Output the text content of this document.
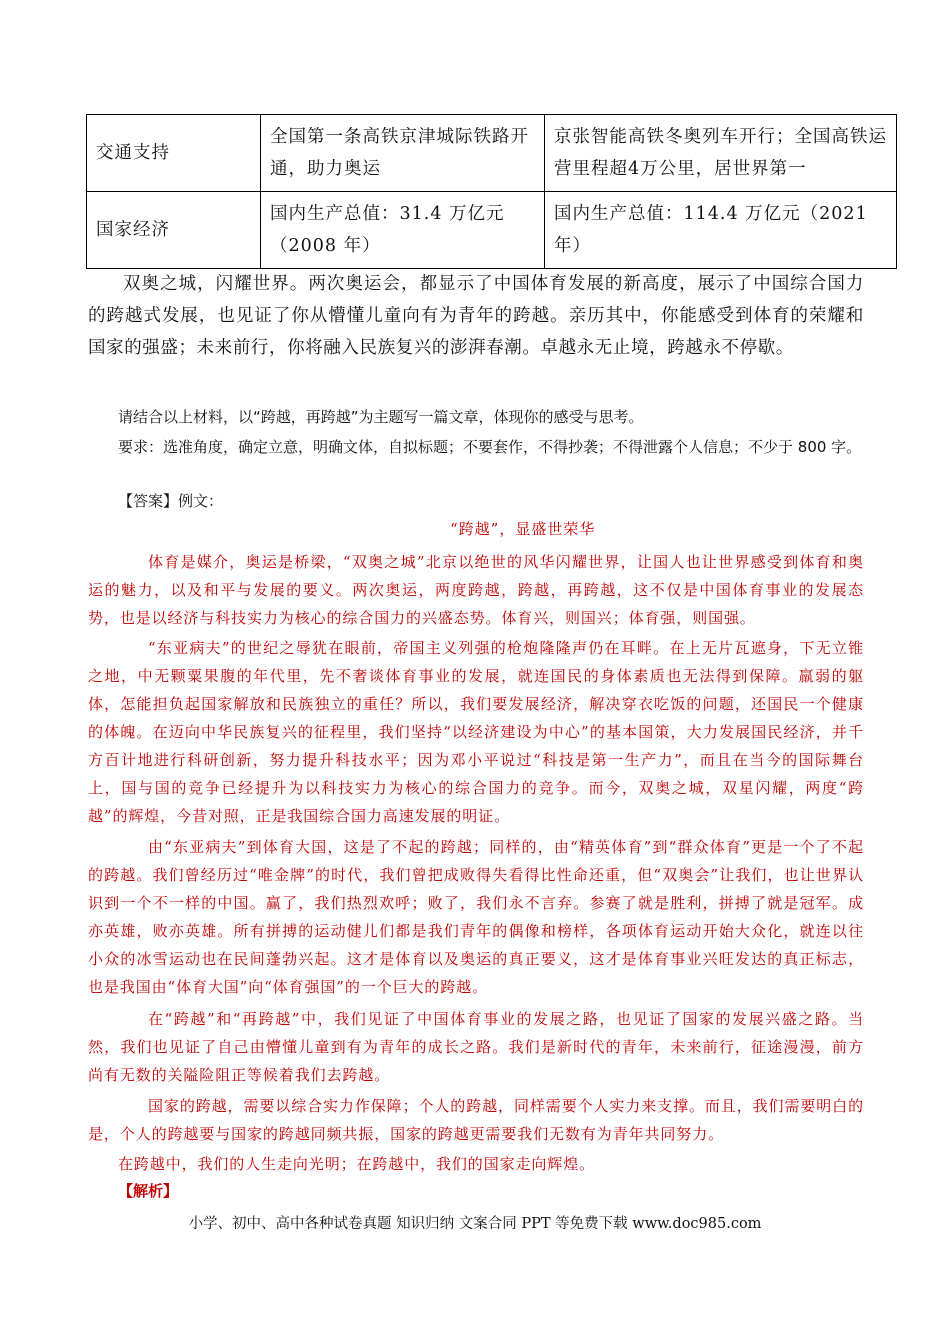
交通支持	全国第一条高铁京津城际铁路开通，助力奥运	京张智能高铁冬奥列车开行；全国高铁运营里程超4万公里，居世界第一
国家经济	国内生产总值：31.4 万亿元（2008 年）	国内生产总值：114.4 万亿元（2021年）

双奥之城，闪耀世界。两次奥运会，都显示了中国体育发展的新高度，展示了中国综合国力的跨越式发展，也见证了你从懵懂儿童向有为青年的跨越。亲历其中，你能感受到体育的荣耀和国家的强盛；未来前行，你将融入民族复兴的澎湃春潮。卓越永无止境，跨越永不停歇。

请结合以上材料，以“跨越，再跨越”为主题写一篇文章，体现你的感受与思考。

要求：选准角度，确定立意，明确文体，自拟标题；不要套作，不得抄袭；不得泄露个人信息；不少于 800 字。

【答案】例文：

“跨越”，显盛世荣华

体育是媒介，奥运是桥梁，“双奥之城”北京以绝世的风华闪耀世界，让国人也让世界感受到体育和奥运的魅力，以及和平与发展的要义。两次奥运，两度跨越，跨越，再跨越，这不仅是中国体育事业的发展态势，也是以经济与科技实力为核心的综合国力的兴盛态势。体育兴，则国兴；体育强，则国强。

“东亚病夫”的世纪之辱犹在眼前，帝国主义列强的枪炮隆隆声仍在耳畔。在上无片瓦遮身，下无立锥之地，中无颗粟果腹的年代里，先不奢谈体育事业的发展，就连国民的身体素质也无法得到保障。羸弱的躯体，怎能担负起国家解放和民族独立的重任？所以，我们要发展经济，解决穿衣吃饭的问题，还国民一个健康的体魄。在迈向中华民族复兴的征程里，我们坚持“以经济建设为中心”的基本国策，大力发展国民经济，并千方百计地进行科研创新，努力提升科技水平；因为邓小平说过“科技是第一生产力”，而且在当今的国际舞台上，国与国的竞争已经提升为以科技实力为核心的综合国力的竞争。而今，双奥之城，双星闪耀，两度“跨越”的辉煌，今昔对照，正是我国综合国力高速发展的明证。

由“东亚病夫”到体育大国，这是了不起的跨越；同样的，由“精英体育”到“群众体育”更是一个了不起的跨越。我们曾经历过“唯金牌”的时代，我们曾把成败得失看得比性命还重，但“双奥会”让我们，也让世界认识到一个不一样的中国。赢了，我们热烈欢呼；败了，我们永不言弃。参赛了就是胜利，拼搏了就是冠军。成亦英雄，败亦英雄。所有拼搏的运动健儿们都是我们青年的偶像和榜样，各项体育运动开始大众化，就连以往小众的冰雪运动也在民间蓬勃兴起。这才是体育以及奥运的真正要义，这才是体育事业兴旺发达的真正标志，也是我国由“体育大国”向“体育强国”的一个巨大的跨越。

在“跨越”和“再跨越”中，我们见证了中国体育事业的发展之路，也见证了国家的发展兴盛之路。当然，我们也见证了自己由懵懂儿童到有为青年的成长之路。我们是新时代的青年，未来前行，征途漫漫，前方尚有无数的关隘险阻正等候着我们去跨越。

国家的跨越，需要以综合实力作保障；个人的跨越，同样需要个人实力来支撑。而且，我们需要明白的是，个人的跨越要与国家的跨越同频共振，国家的跨越更需要我们无数有为青年共同努力。

在跨越中，我们的人生走向光明；在跨越中，我们的国家走向辉煌。

【解析】

小学、初中、高中各种试卷真题 知识归纳 文案合同 PPT 等免费下载 www.doc985.com
